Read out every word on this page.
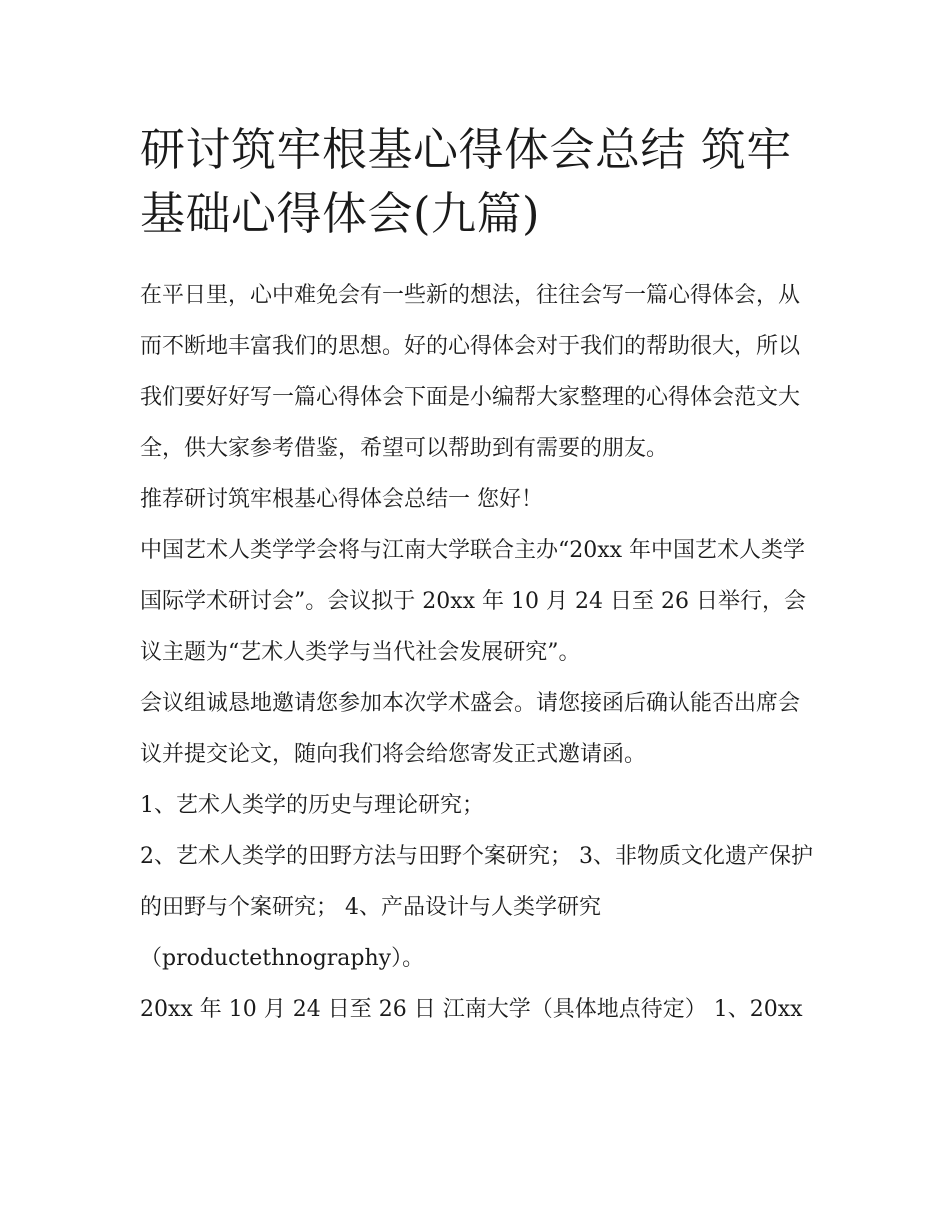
研讨筑牢根基心得体会总结 筑牢基础心得体会(九篇)

在平日里，心中难免会有一些新的想法，往往会写一篇心得体会，从而不断地丰富我们的思想。好的心得体会对于我们的帮助很大，所以我们要好好写一篇心得体会下面是小编帮大家整理的心得体会范文大全，供大家参考借鉴，希望可以帮助到有需要的朋友。

推荐研讨筑牢根基心得体会总结一 您好！

中国艺术人类学学会将与江南大学联合主办“20xx 年中国艺术人类学国际学术研讨会”。会议拟于 20xx 年 10 月 24 日至 26 日举行，会议主题为“艺术人类学与当代社会发展研究”。

会议组诚恳地邀请您参加本次学术盛会。请您接函后确认能否出席会议并提交论文，随向我们将会给您寄发正式邀请函。

1、艺术人类学的历史与理论研究；

2、艺术人类学的田野方法与田野个案研究； 3、非物质文化遗产保护的田野与个案研究； 4、产品设计与人类学研究（productethnography）。

20xx 年 10 月 24 日至 26 日 江南大学（具体地点待定） 1、20xx
